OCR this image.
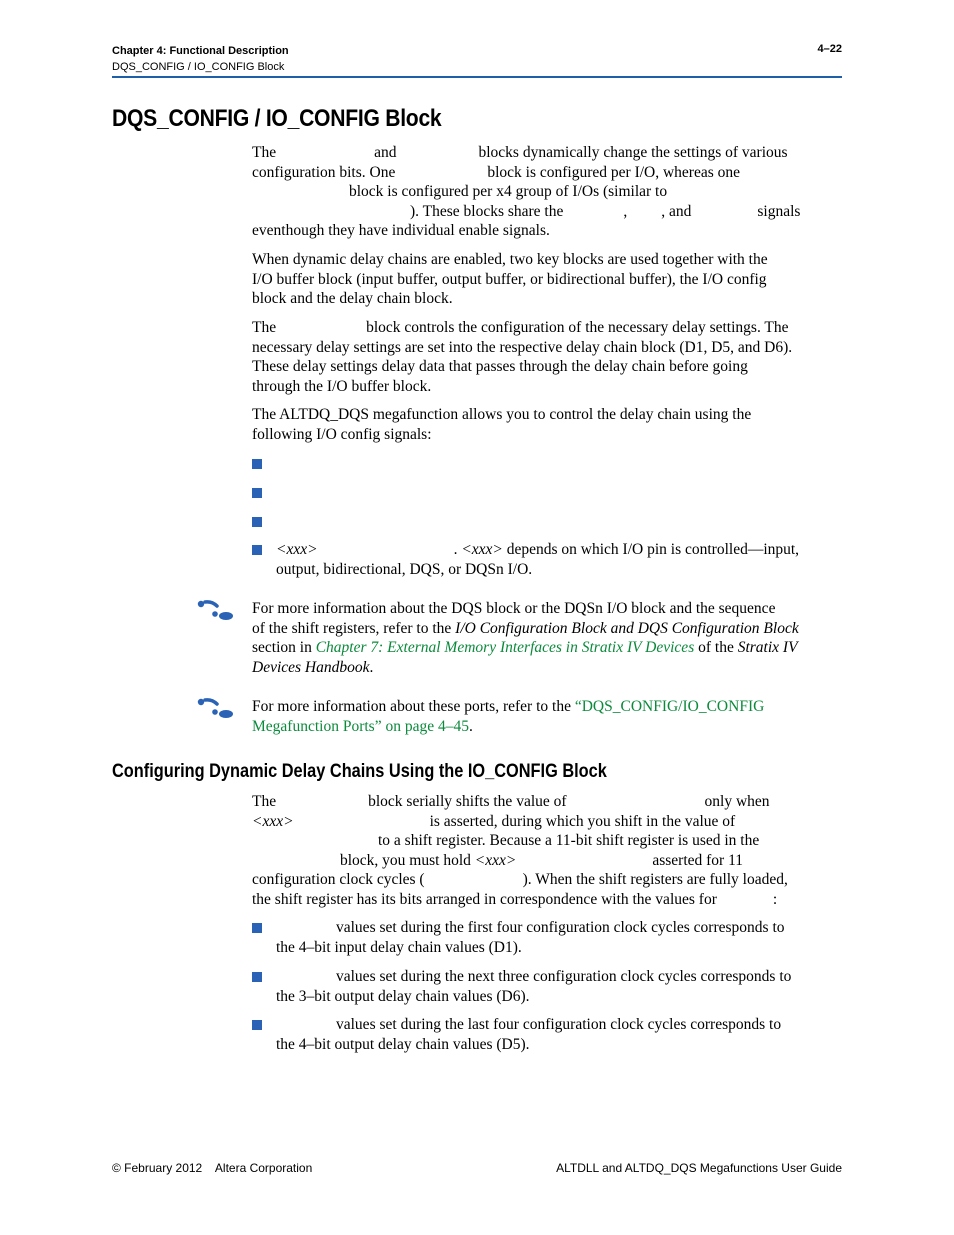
Chapter 4: Functional Description
DQS_CONFIG / IO_CONFIG Block
4–22
DQS_CONFIG / IO_CONFIG Block
The	and	blocks dynamically change the settings of various
configuration bits. One	block is configured per I/O, whereas one
block is configured per x4 group of I/Os (similar to
). These blocks share the	, , and	signals
eventhough they have individual enable signals.
When dynamic delay chains are enabled, two key blocks are used together with the
I/O buffer block (input buffer, output buffer, or bidirectional buffer), the I/O config
block and the delay chain block.
The	block controls the configuration of the necessary delay settings. The
necessary delay settings are set into the respective delay chain block (D1, D5, and D6).
These delay settings delay data that passes through the delay chain before going
through the I/O buffer block.
The ALTDQ_DQS megafunction allows you to control the delay chain using the
following I/O config signals:
<xxx>	. <xxx> depends on which I/O pin is controlled—input,
output, bidirectional, DQS, or DQSn I/O.
For more information about the DQS block or the DQSn I/O block and the sequence
of the shift registers, refer to the I/O Configuration Block and DQS Configuration Block
section in Chapter 7: External Memory Interfaces in Stratix IV Devices of the Stratix IV
Devices Handbook.
For more information about these ports, refer to the “DQS_CONFIG/IO_CONFIG
Megafunction Ports” on page 4–45.
Configuring Dynamic Delay Chains Using the IO_CONFIG Block
The	block serially shifts the value of	only when
<xxx>	is asserted, during which you shift in the value of
to a shift register. Because a 11-bit shift register is used in the
block, you must hold <xxx>	asserted for 11
configuration clock cycles (	). When the shift registers are fully loaded,
the shift register has its bits arranged in correspondence with the values for	:
values set during the first four configuration clock cycles corresponds to
the 4–bit input delay chain values (D1).
values set during the next three configuration clock cycles corresponds to
the 3–bit output delay chain values (D6).
values set during the last four configuration clock cycles corresponds to
the 4–bit output delay chain values (D5).
© February 2012    Altera Corporation	ALTDLL and ALTDQ_DQS Megafunctions User Guide
